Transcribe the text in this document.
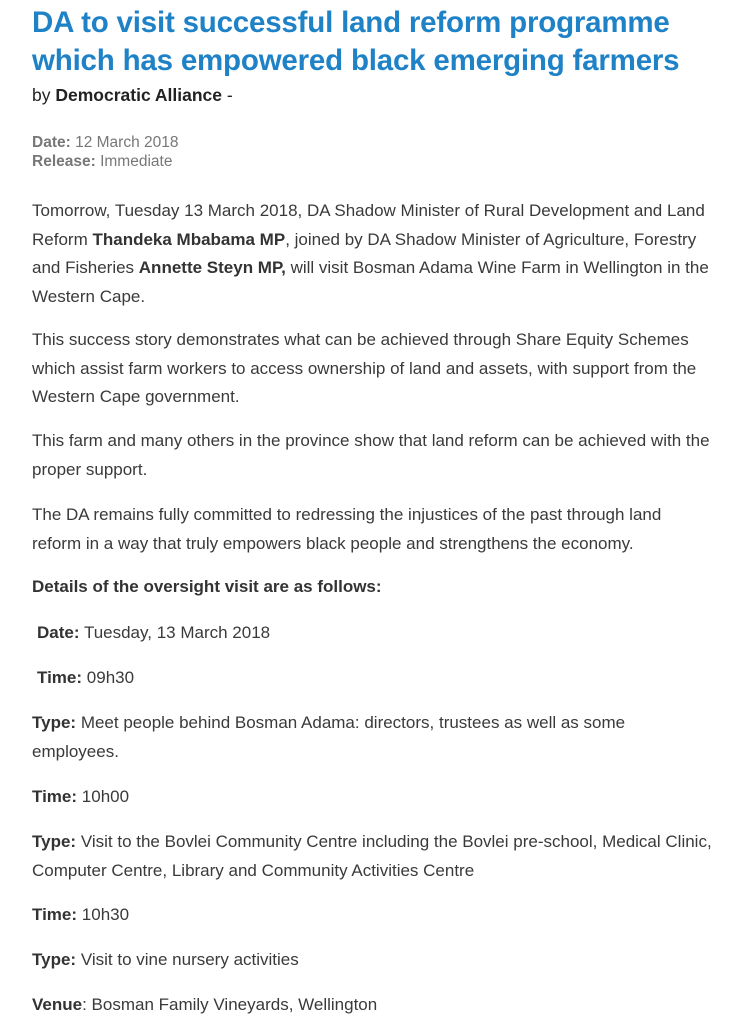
DA to visit successful land reform programme which has empowered black emerging farmers
by Democratic Alliance -
Date: 12 March 2018
Release: Immediate

Tomorrow, Tuesday 13 March 2018, DA Shadow Minister of Rural Development and Land Reform Thandeka Mbabama MP, joined by DA Shadow Minister of Agriculture, Forestry and Fisheries Annette Steyn MP, will visit Bosman Adama Wine Farm in Wellington in the Western Cape.

This success story demonstrates what can be achieved through Share Equity Schemes which assist farm workers to access ownership of land and assets, with support from the Western Cape government.

This farm and many others in the province show that land reform can be achieved with the proper support.

The DA remains fully committed to redressing the injustices of the past through land reform in a way that truly empowers black people and strengthens the economy.

Details of the oversight visit are as follows:

Date: Tuesday, 13 March 2018

Time: 09h30

Type: Meet people behind Bosman Adama: directors, trustees as well as some employees.

Time: 10h00

Type: Visit to the Bovlei Community Centre including the Bovlei pre-school, Medical Clinic, Computer Centre, Library and Community Activities Centre

Time: 10h30

Type: Visit to vine nursery activities

Venue: Bosman Family Vineyards, Wellington
